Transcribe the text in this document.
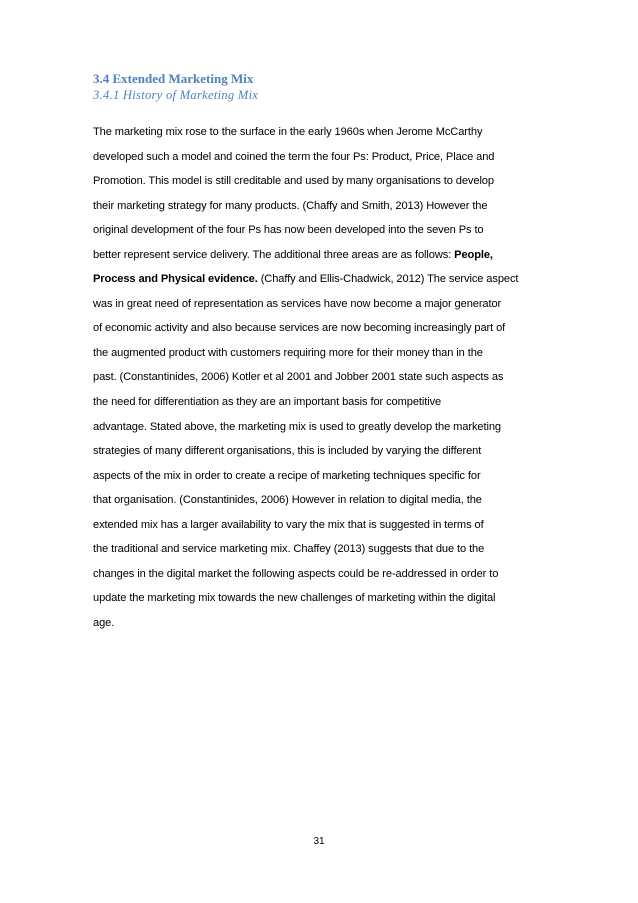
3.4 Extended Marketing Mix

3.4.1 History of Marketing Mix

The marketing mix rose to the surface in the early 1960s when Jerome McCarthy

developed such a model and coined the term the four Ps: Product, Price, Place and

Promotion. This model is still creditable and used by many organisations to develop

their marketing strategy for many products. (Chaffy and Smith, 2013) However the

original development of the four Ps has now been developed into the seven Ps to

better represent service delivery. The additional three areas are as follows: People,

Process and Physical evidence. (Chaffy and Ellis-Chadwick, 2012) The service aspect

was in great need of representation as services have now become a major generator

of economic activity and also because services are now becoming increasingly part of

the augmented product with customers requiring more for their money than in the

past. (Constantinides, 2006) Kotler et al 2001 and Jobber 2001 state such aspects as

the need for differentiation as they are an important basis for competitive

advantage. Stated above, the marketing mix is used to greatly develop the marketing

strategies of many different organisations, this is included by varying the different

aspects of the mix in order to create a recipe of marketing techniques specific for

that organisation. (Constantinides, 2006) However in relation to digital media, the

extended mix has a larger availability to vary the mix that is suggested in terms of

the traditional and service marketing mix. Chaffey (2013) suggests that due to the

changes in the digital market the following aspects could be re-addressed in order to

update the marketing mix towards the new challenges of marketing within the digital

age.

31
